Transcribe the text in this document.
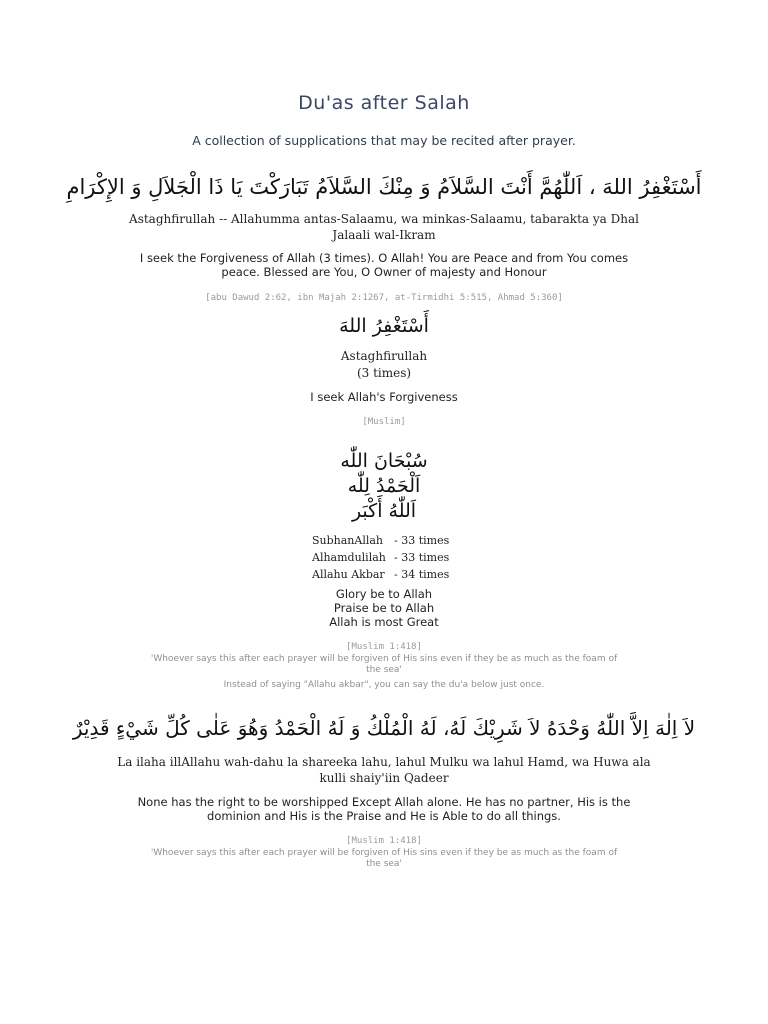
Du'as after Salah
A collection of supplications that may be recited after prayer.
أَسْتَغْفِرُ اللهَ ، اَللّٰهُمَّ أَنْتَ السَّلاَمُ وَ مِنْكَ السَّلاَمُ تَبَارَكْتَ يَا ذَا الْجَلاَلِ وَ الإِكْرَامِ
Astaghfirullah -- Allahumma antas-Salaamu, wa minkas-Salaamu, tabarakta ya Dhal
Jalaali wal-Ikram
I seek the Forgiveness of Allah (3 times). O Allah! You are Peace and from You comes
peace. Blessed are You, O Owner of majesty and Honour
[abu Dawud 2:62, ibn Majah 2:1267, at-Tirmidhi 5:515, Ahmad 5:360]
أَسْتَغْفِرُ اللهَ
Astaghfirullah
(3 times)
I seek Allah's Forgiveness
[Muslim]
سُبْحَانَ اللّٰه
اَلْحَمْدُ لِلّٰه
اَللّٰهُ أَكْبَر
SubhanAllah - 33 times
Alhamdulilah - 33 times
Allahu Akbar - 34 times
Glory be to Allah
Praise be to Allah
Allah is most Great
[Muslim 1:418]
'Whoever says this after each prayer will be forgiven of His sins even if they be as much as the foam of
the sea'
Instead of saying "Allahu akbar", you can say the du'a below just once.
لاَ اِلٰهَ اِلاَّ اللّٰهُ وَحْدَهُ لاَ شَرِيْكَ لَهُ، لَهُ الْمُلْكُ وَ لَهُ الْحَمْدُ وَهُوَ عَلٰى كُلِّ شَيْءٍ قَدِيْرٌ
La ilaha illAllahu wah-dahu la shareeka lahu, lahul Mulku wa lahul Hamd, wa Huwa ala
kulli shaiy'iin Qadeer
None has the right to be worshipped Except Allah alone. He has no partner, His is the
dominion and His is the Praise and He is Able to do all things.
[Muslim 1:418]
'Whoever says this after each prayer will be forgiven of His sins even if they be as much as the foam of
the sea'
